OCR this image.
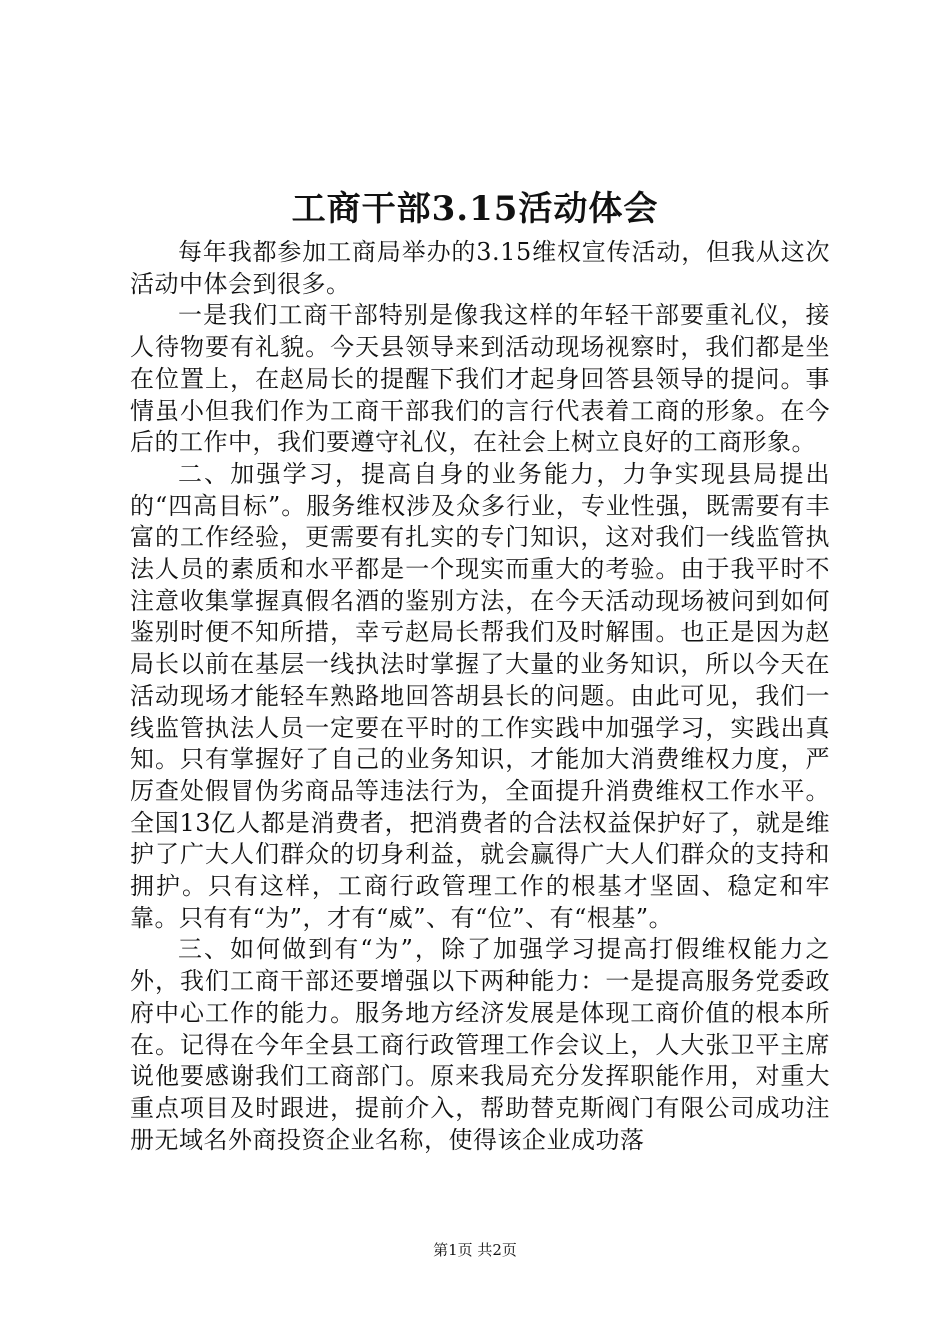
工商干部3.15活动体会

每年我都参加工商局举办的3.15维权宣传活动，但我从这次活动中体会到很多。

一是我们工商干部特别是像我这样的年轻干部要重礼仪，接人待物要有礼貌。今天县领导来到活动现场视察时，我们都是坐在位置上，在赵局长的提醒下我们才起身回答县领导的提问。事情虽小但我们作为工商干部我们的言行代表着工商的形象。在今后的工作中，我们要遵守礼仪，在社会上树立良好的工商形象。

二、加强学习，提高自身的业务能力，力争实现县局提出的“四高目标”。服务维权涉及众多行业，专业性强，既需要有丰富的工作经验，更需要有扎实的专门知识，这对我们一线监管执法人员的素质和水平都是一个现实而重大的考验。由于我平时不注意收集掌握真假名酒的鉴别方法，在今天活动现场被问到如何鉴别时便不知所措，幸亏赵局长帮我们及时解围。也正是因为赵局长以前在基层一线执法时掌握了大量的业务知识，所以今天在活动现场才能轻车熟路地回答胡县长的问题。由此可见，我们一线监管执法人员一定要在平时的工作实践中加强学习，实践出真知。只有掌握好了自己的业务知识，才能加大消费维权力度，严厉查处假冒伪劣商品等违法行为，全面提升消费维权工作水平。全国13亿人都是消费者，把消费者的合法权益保护好了，就是维护了广大人们群众的切身利益，就会赢得广大人们群众的支持和拥护。只有这样，工商行政管理工作的根基才坚固、稳定和牢靠。只有有“为”，才有“威”、有“位”、有“根基”。

三、如何做到有“为”，除了加强学习提高打假维权能力之外，我们工商干部还要增强以下两种能力：一是提高服务党委政府中心工作的能力。服务地方经济发展是体现工商价值的根本所在。记得在今年全县工商行政管理工作会议上，人大张卫平主席说他要感谢我们工商部门。原来我局充分发挥职能作用，对重大重点项目及时跟进，提前介入，帮助替克斯阀门有限公司成功注册无域名外商投资企业名称，使得该企业成功落

第1页 共2页
